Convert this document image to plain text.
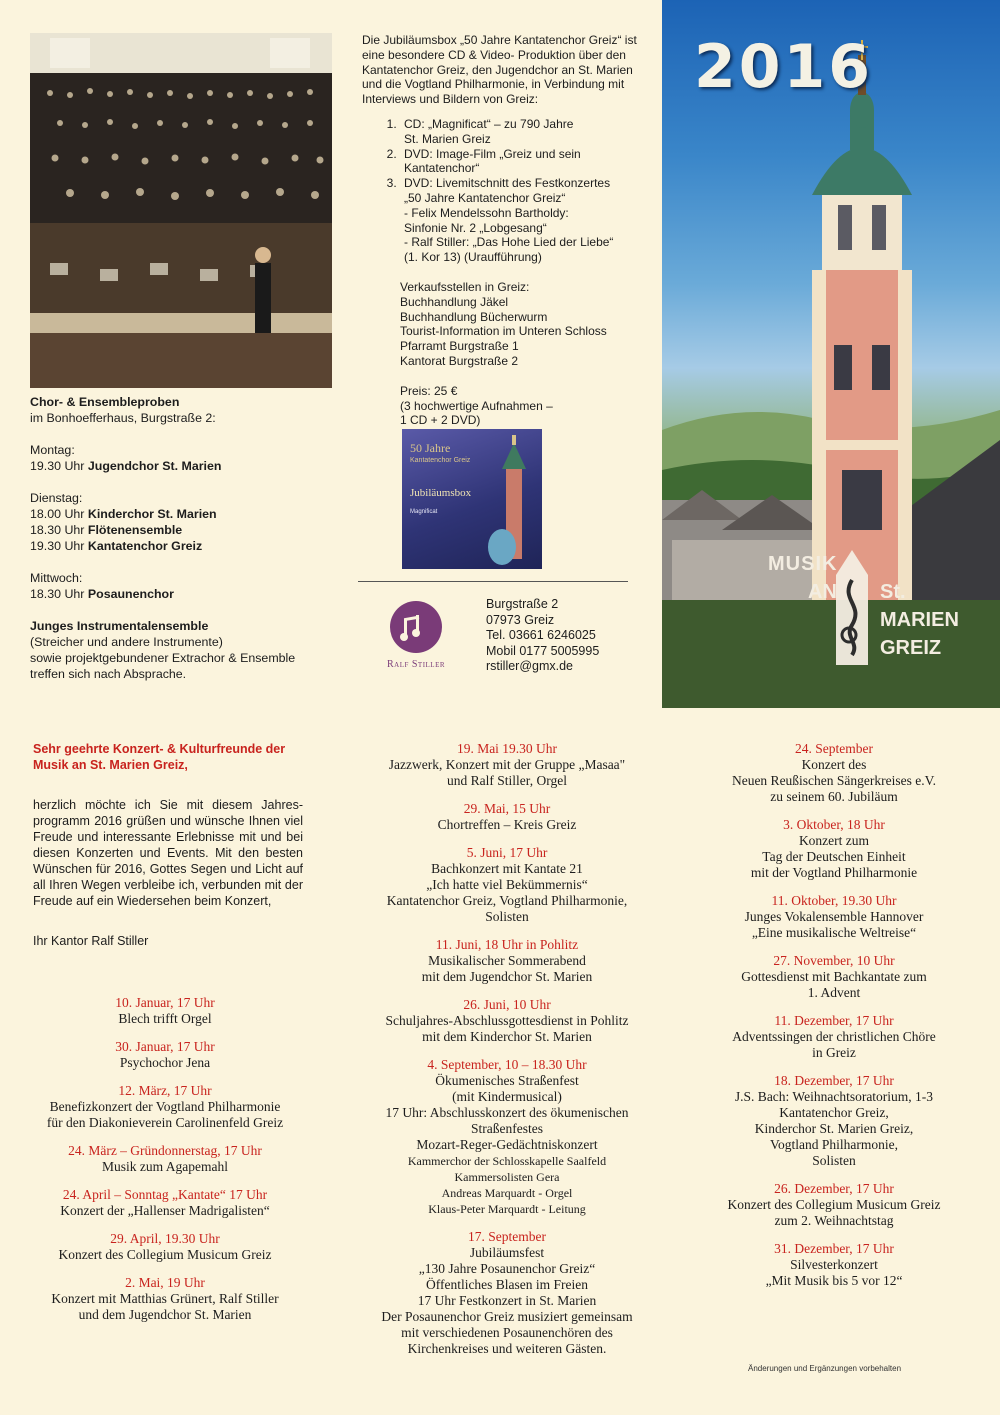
Chor- & Ensembleproben

im Bonhoefferhaus, Burgstraße 2:

Montag:

19.30 Uhr Jugendchor St. Marien

Dienstag:

18.00 Uhr Kinderchor St. Marien

18.30 Uhr Flötenensemble

19.30 Uhr Kantatenchor Greiz

Mittwoch:

18.30 Uhr Posaunenchor

Junges Instrumentalensemble

(Streicher und andere Instrumente)

sowie projektgebundener Extrachor & Ensemble

treffen sich nach Absprache.

Die Jubiläumsbox „50 Jahre Kantatenchor Greiz“ ist eine besondere CD & Video- Produktion über den Kantatenchor Greiz, den Jugendchor an St. Marien und die Vogtland Philharmonie, in Verbindung mit Interviews und Bildern von Greiz:

1. CD: „Magnificat“ – zu 790 Jahre
St. Marien Greiz
2. DVD: Image-Film „Greiz und sein
Kantatenchor“
3. DVD: Livemitschnitt des Festkonzertes
„50 Jahre Kantatenchor Greiz“
- Felix Mendelssohn Bartholdy:
Sinfonie Nr. 2 „Lobgesang“
- Ralf Stiller: „Das Hohe Lied der Liebe“
(1. Kor 13) (Uraufführung)
Verkaufsstellen in Greiz:
Buchhandlung Jäkel
Buchhandlung Bücherwurm
Tourist-Information im Unteren Schloss
Pfarramt Burgstraße 1
Kantorat Burgstraße 2
Preis: 25 €
(3 hochwertige Aufnahmen –
1 CD + 2 DVD)
50 Jahre
Kantatenchor Greiz
Jubiläumsbox
Magnificat
Ralf Stiller
Burgstraße 2
07973 Greiz
Tel. 03661 6246025
Mobil 0177 5005995
rstiller@gmx.de
2016
MUSIK
AN St.
MARIEN
GREIZ
Sehr geehrte Konzert- & Kulturfreunde der Musik an St. Marien Greiz,
herzlich möchte ich Sie mit diesem Jahresprogramm 2016 grüßen und wünsche Ihnen viel Freude und interessante Erlebnisse mit und bei diesen Konzerten und Events. Mit den besten Wünschen für 2016, Gottes Segen und Licht auf all Ihren Wegen verbleibe ich, verbunden mit der Freude auf ein Wiedersehen beim Konzert,
Ihr Kantor Ralf Stiller
10. Januar, 17 Uhr
Blech trifft Orgel
30. Januar, 17 Uhr
Psychochor Jena
12. März, 17 Uhr
Benefizkonzert der Vogtland Philharmonie
für den Diakonieverein Carolinenfeld Greiz
24. März – Gründonnerstag, 17 Uhr
Musik zum Agapemahl
24. April – Sonntag „Kantate“ 17 Uhr
Konzert der „Hallenser Madrigalisten“
29. April, 19.30 Uhr
Konzert des Collegium Musicum Greiz
2. Mai, 19 Uhr
Konzert mit Matthias Grünert, Ralf Stiller
und dem Jugendchor St. Marien
19. Mai 19.30 Uhr
Jazzwerk, Konzert mit der Gruppe „Masaa"
und Ralf Stiller, Orgel
29. Mai, 15 Uhr
Chortreffen – Kreis Greiz
5. Juni, 17 Uhr
Bachkonzert mit Kantate 21
„Ich hatte viel Bekümmernis“
Kantatenchor Greiz, Vogtland Philharmonie,
Solisten
11. Juni, 18 Uhr in Pohlitz
Musikalischer Sommerabend
mit dem Jugendchor St. Marien
26. Juni, 10 Uhr
Schuljahres-Abschlussgottesdienst in Pohlitz
mit dem Kinderchor St. Marien
4. September, 10 – 18.30 Uhr
Ökumenisches Straßenfest
(mit Kindermusical)
17 Uhr: Abschlusskonzert des ökumenischen
Straßenfestes
Mozart-Reger-Gedächtniskonzert
Kammerchor der Schlosskapelle Saalfeld
Kammersolisten Gera
Andreas Marquardt - Orgel
Klaus-Peter Marquardt - Leitung
17. September
Jubiläumsfest
„130 Jahre Posaunenchor Greiz“
Öffentliches Blasen im Freien
17 Uhr Festkonzert in St. Marien
Der Posaunenchor Greiz musiziert gemeinsam
mit verschiedenen Posaunenchören des
Kirchenkreises und weiteren Gästen.
24. September
Konzert des
Neuen Reußischen Sängerkreises e.V.
zu seinem 60. Jubiläum
3. Oktober, 18 Uhr
Konzert zum
Tag der Deutschen Einheit
mit der Vogtland Philharmonie
11. Oktober, 19.30 Uhr
Junges Vokalensemble Hannover
„Eine musikalische Weltreise“
27. November, 10 Uhr
Gottesdienst mit Bachkantate zum
1. Advent
11. Dezember, 17 Uhr
Adventssingen der christlichen Chöre
in Greiz
18. Dezember, 17 Uhr
J.S. Bach: Weihnachtsoratorium, 1-3
Kantatenchor Greiz,
Kinderchor St. Marien Greiz,
Vogtland Philharmonie,
Solisten
26. Dezember, 17 Uhr
Konzert des Collegium Musicum Greiz
zum 2. Weihnachtstag
31. Dezember, 17 Uhr
Silvesterkonzert
„Mit Musik bis 5 vor 12“
Änderungen und Ergänzungen vorbehalten
